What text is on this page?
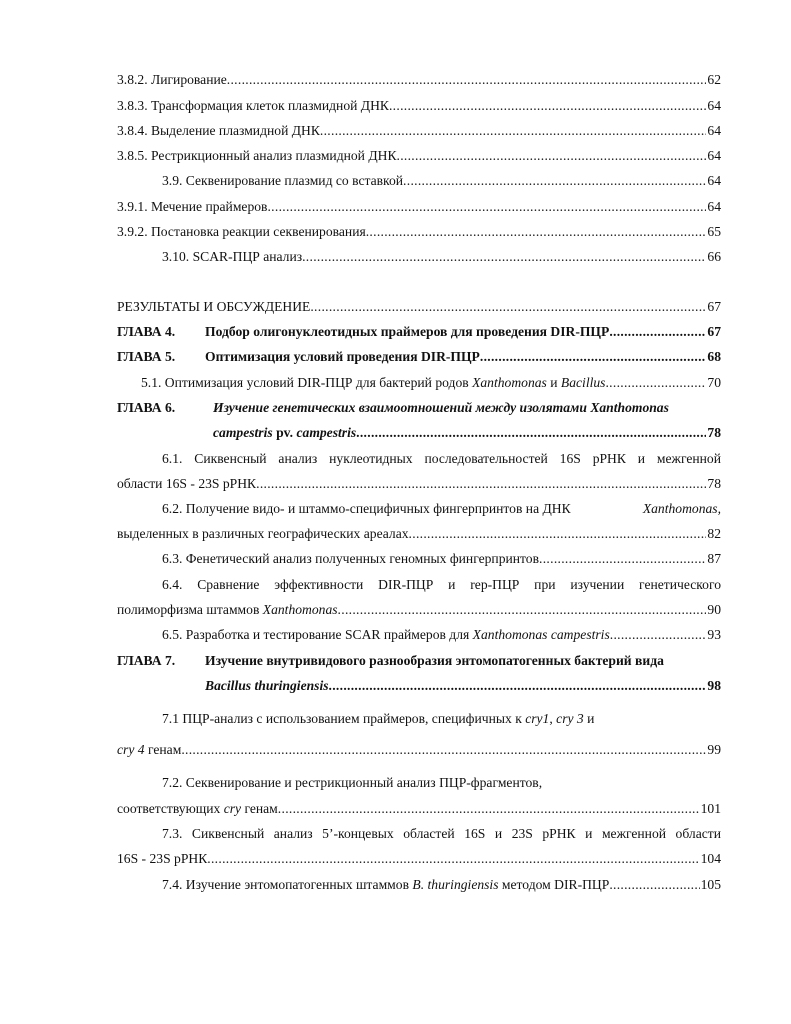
3.8.2. Лигирование .....	62
3.8.3. Трансформация клеток плазмидной ДНК .....	64
3.8.4. Выделение плазмидной ДНК .....	64
3.8.5. Рестрикционный анализ плазмидной ДНК .....	64
3.9. Секвенирование плазмид со вставкой .....	64
3.9.1. Мечение праймеров .....	64
3.9.2. Постановка реакции секвенирования .....	65
3.10. SCAR-ПЦР анализ .....	66
РЕЗУЛЬТАТЫ И ОБСУЖДЕНИЕ .....	67
ГЛАВА 4.	Подбор олигонуклеотидных праймеров для проведения DIR-ПЦР .....	67
ГЛАВА 5.	Оптимизация условий проведения DIR-ПЦР .....	68
5.1. Оптимизация условий DIR-ПЦР для бактерий родов Xanthomonas и Bacillus .....	70
ГЛАВА 6.	Изучение генетических взаимоотношений между изолятами Xanthomonas
campestris pv. campestris .....	78
6.1. Сиквенсный анализ нуклеотидных последовательностей 16S рРНК и межгенной
области 16S - 23S рРНК .....	78
6.2. Получение видо- и штаммо-специфичных фингерпринтов на ДНК	Xanthomonas,
выделенных в различных географических ареалах .....	82
6.3. Фенетический анализ полученных геномных фингерпринтов .....	87
6.4. Сравнение эффективности DIR-ПЦР и rep-ПЦР при изучении генетического
полиморфизма штаммов Xanthomonas .....	90
6.5. Разработка и тестирование SCAR праймеров для Xanthomonas campestris .....	93
ГЛАВА 7. Изучение внутривидового разнообразия энтомопатогенных бактерий вида
Bacillus thuringiensis .....	98
7.1 ПЦР-анализ с использованием праймеров, специфичных к cry1, cry 3 и
cry 4 генам .....	99
7.2. Секвенирование и рестрикционный анализ ПЦР-фрагментов,
соответствующих cry генам .....	101
7.3. Сиквенсный анализ 5’-концевых областей 16S и 23S рРНК и межгенной области
16S - 23S рРНК .....	104
7.4. Изучение энтомопатогенных штаммов B. thuringiensis методом DIR-ПЦР .....	105
